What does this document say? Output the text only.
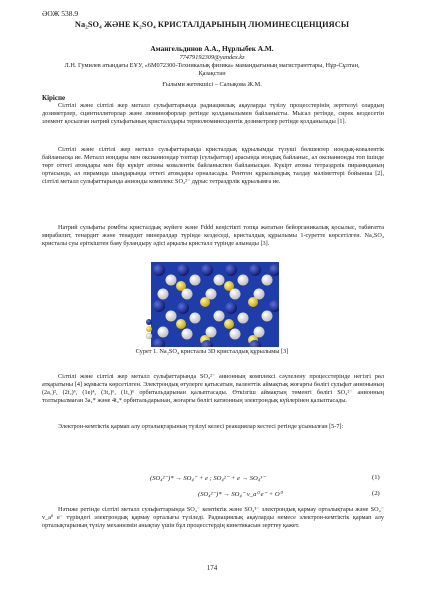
ӘОЖ 538.9
Na₂SO₄ ЖӘНЕ K₂SO₄ КРИСТАЛДАРЫНЫҢ ЛЮМИНЕСЦЕНЦИЯСЫ
Амангельдинов А.А., Нұрлыбек А.М.
77479192309@yandex.kz
Л.Н. Гумилев атындағы ЕҰУ, «6М072300-Техникалық физика» мамандығының магистранттары, Нұр-Сұлтан, Қазақстан
Ғылыми жетекшісі – Салықова Ж.М.
Кіріспе

Сілтілі және сілтілі жер металл сульфаттарында радиациялық ақауларды түзілу процесстерінің зерттелуі олардың дозиметрлер, сцинтилляторлар және люминофорлар ретінде қолданылымен байланысты. Мысал ретінде, сирек кездесетін элемент қосылған натрий сульфатының кристаллдары термолюминесцентік дозиметрлер ретінде қолданылады [1].

Сілтілі және сілтілі жер металл сульфаттарында кристалдық құрылымды түзуші бөлшектер иондық-ковалентік байланысқа ие. Металл иондары мен оксианиондар топтар (сульфаттар) арасында иондық байланыс, ал оксианионды топ ішінде төрт оттегі атомдары мен бір күкірт атомы ковалентік байланыспен байланысқан. Күкірт атомы тетраэдрлік пирамиданың ортасында, ал пирамида шыңдарында оттегі атомдары орналасады. Рентген құрылымдық талдау мәліметтері бойынша [2], сілтілі металл сульфаттарында анионды комплекс SO₄²⁻ дұрыс тетраэдрлік құрылымға ие.

Натрий сульфаты ромбты кристалдық жүйеге және Fddd кеңістікті топқа жататын бейорганикалық қосылыс, табиғатта мирабилит, тенардит және тенардит минералдар түрінде кездеседі, кристалдық құрылымы 1-суретте көрсетілген. Na₂SO₄ кристалы суы еріткіштен баяу буландыру әдісі арқылы кристалл түрінде алынады [3].

Сурет 1. Na₂SO₄ кристалы 3D кристалдық құрылымы [3]

Сілтілі және сілтілі жер металл сульфаттарында SO₄²⁻ анионның комплексі сәулелену процесстерінде негізгі рөл атқаратыны [4] жұмыста көрсетілген. Электрондық өтулерге қатысатын, валенттік аймақтық жоғарғы бөлігі сульфат анионының (2a₁)², (2t₂)⁶, (1e)⁴, (3t₂)⁶, (1t₁)⁶ орбитальдарынан қалыптасады. Өткізгіш аймақтың төменгі бөлігі SO₄²⁻ анионның толтырылмаған 3a₁* және 4t₂* орбитальдарынан, жоғарғы бөлігі катионның электрондық күйлерінен қалыптасады.

Электрон-кемтіктік қармап алу орталықтарының түзілуі келесі реакциялар кестесі ретінде ұсынылған [5-7]:

(SO₄²⁻)* → SO₄⁻ + e ; SO₄²⁻ + e → SO₄³⁻	(1)
(SO₄²⁻)* → SO₄⁻ v_a⁰ e⁻ + O⁰	(2)

Нәтиже ретінде сілтілі металл сульфаттарында SO₄⁻ кемтіктік және SO₄³⁻ электрондық қармау орталықтары және SO₄⁻ v_a⁰ e⁻ түріндегі электрондық қармау орталығы түзіледі. Радиациялық ақауларды немесе электрон-кемтіктік қармап алу орталықтарының түзілу механизмін анықтау үшін бұл процесстердің кинетикасын зерттеу қажет.

174
